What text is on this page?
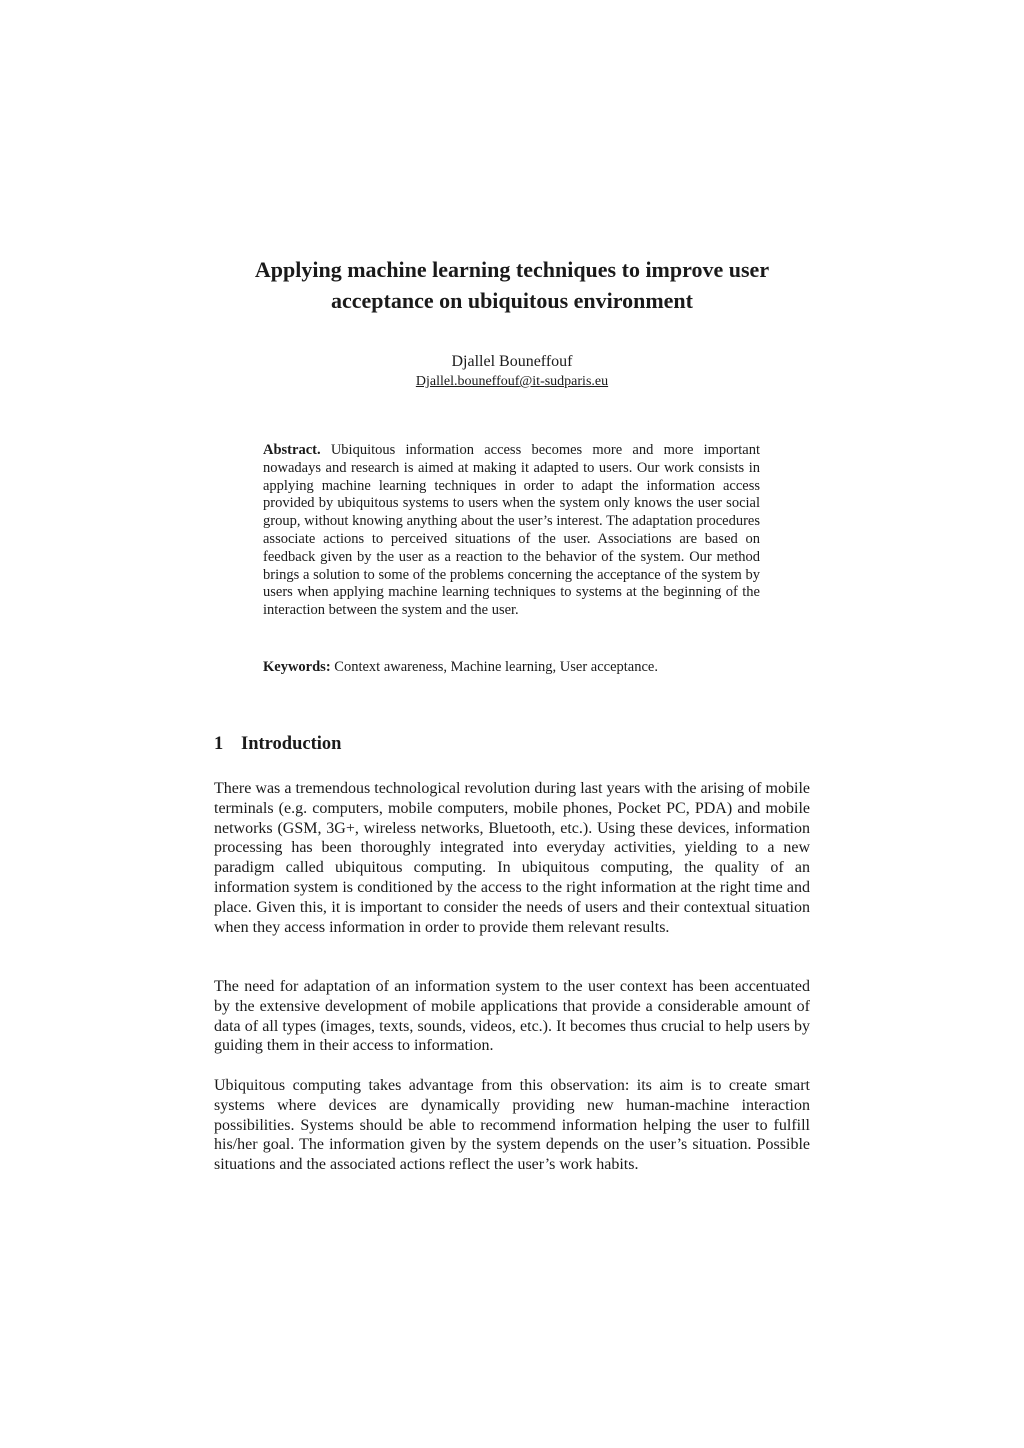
Applying machine learning techniques to improve user
acceptance on ubiquitous environment
Djallel Bouneffouf
Djallel.bouneffouf@it-sudparis.eu

Abstract. Ubiquitous information access becomes more and more important nowadays and research is aimed at making it adapted to users. Our work consists in applying machine learning techniques in order to adapt the information access provided by ubiquitous systems to users when the system only knows the user social group, without knowing anything about the user’s interest. The adaptation procedures associate actions to perceived situations of the user. Associations are based on feedback given by the user as a reaction to the behavior of the system. Our method brings a solution to some of the problems concerning the acceptance of the system by users when applying machine learning techniques to systems at the beginning of the interaction between the system and the user.

Keywords: Context awareness, Machine learning, User acceptance.

1 Introduction

There was a tremendous technological revolution during last years with the arising of mobile terminals (e.g. computers, mobile computers, mobile phones, Pocket PC, PDA) and mobile networks (GSM, 3G+, wireless networks, Bluetooth, etc.). Using these devices, information processing has been thoroughly integrated into everyday activities, yielding to a new paradigm called ubiquitous computing. In ubiquitous computing, the quality of an information system is conditioned by the access to the right information at the right time and place. Given this, it is important to consider the needs of users and their contextual situation when they access information in order to provide them relevant results.

The need for adaptation of an information system to the user context has been accentuated by the extensive development of mobile applications that provide a considerable amount of data of all types (images, texts, sounds, videos, etc.). It becomes thus crucial to help users by guiding them in their access to information.

Ubiquitous computing takes advantage from this observation: its aim is to create smart systems where devices are dynamically providing new human-machine interaction possibilities. Systems should be able to recommend information helping the user to fulfill his/her goal. The information given by the system depends on the user’s situation. Possible situations and the associated actions reflect the user’s work habits.
